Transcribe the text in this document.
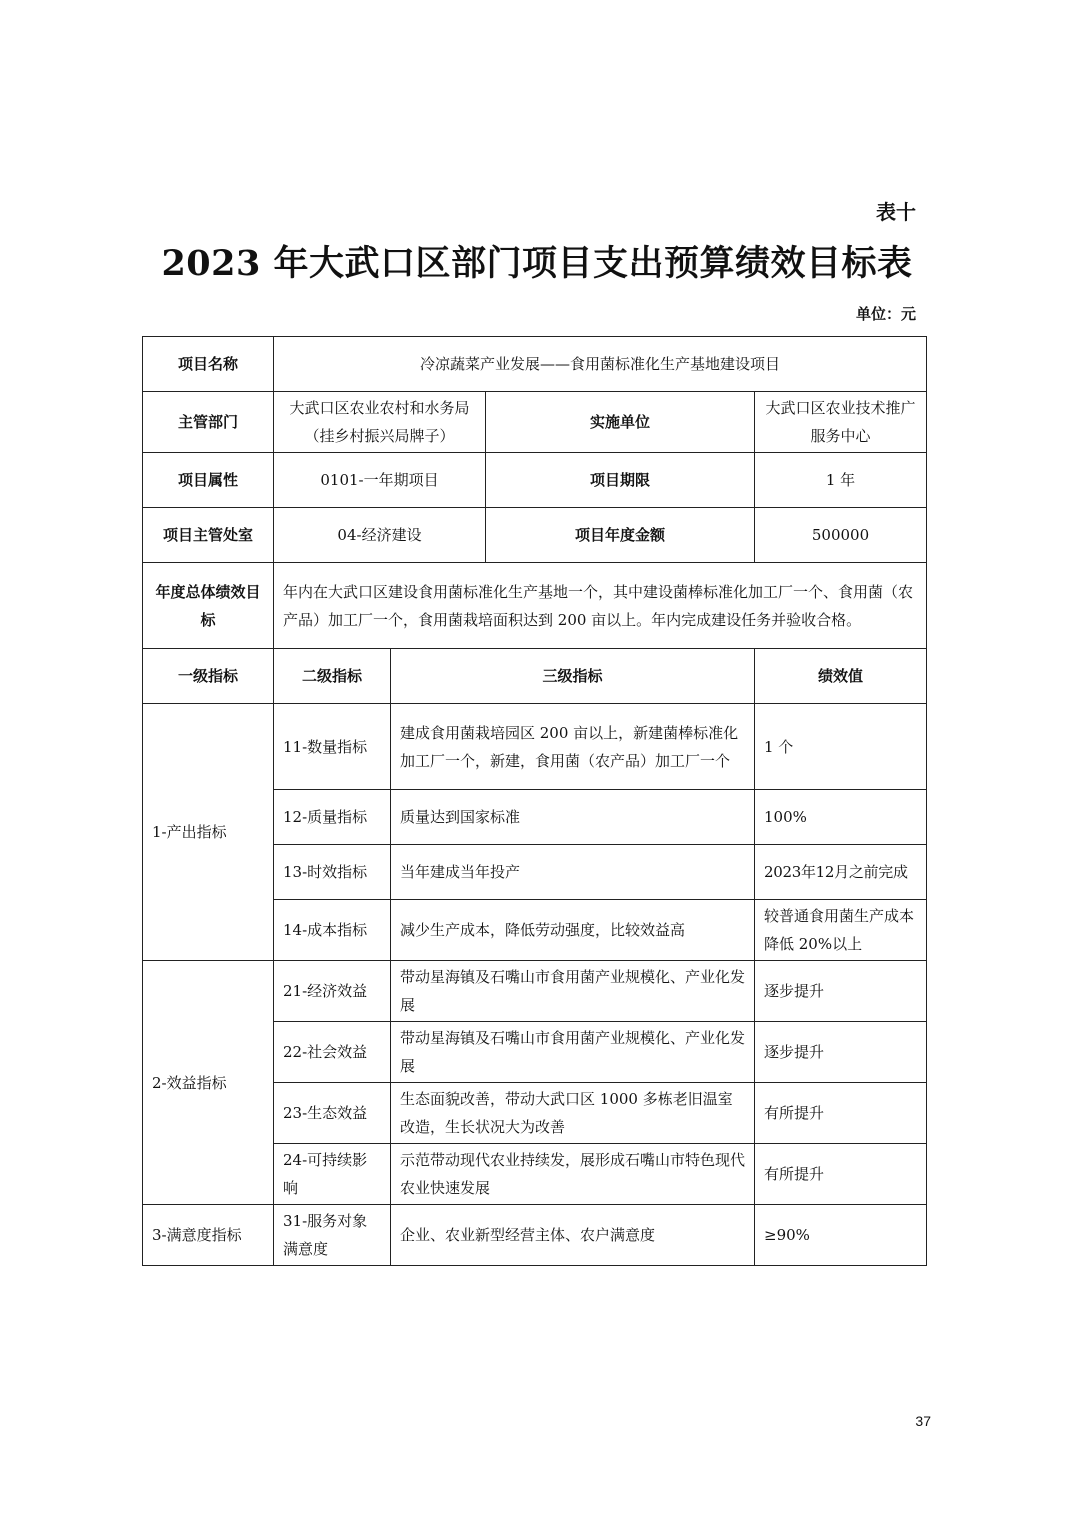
表十
2023 年大武口区部门项目支出预算绩效目标表
单位：元
项目名称	冷凉蔬菜产业发展——食用菌标准化生产基地建设项目			
主管部门	大武口区农业农村和水务局（挂乡村振兴局牌子）		实施单位	大武口区农业技术推广服务中心
项目属性	0101-一年期项目		项目期限	1 年
项目主管处室	04-经济建设		项目年度金额	500000
年度总体绩效目标	年内在大武口区建设食用菌标准化生产基地一个，其中建设菌棒标准化加工厂一个、食用菌（农产品）加工厂一个，食用菌栽培面积达到 200 亩以上。年内完成建设任务并验收合格。			
一级指标	二级指标	三级指标		绩效值
1-产出指标	11-数量指标	建成食用菌栽培园区 200 亩以上，新建菌棒标准化加工厂一个，新建，食用菌（农产品）加工厂一个		1 个
	12-质量指标	质量达到国家标准		100%
	13-时效指标	当年建成当年投产		2023年12月之前完成
	14-成本指标	减少生产成本，降低劳动强度，比较效益高		较普通食用菌生产成本降低 20%以上
2-效益指标	21-经济效益	带动星海镇及石嘴山市食用菌产业规模化、产业化发展		逐步提升
	22-社会效益	带动星海镇及石嘴山市食用菌产业规模化、产业化发展		逐步提升
	23-生态效益	生态面貌改善，带动大武口区 1000 多栋老旧温室改造，生长状况大为改善		有所提升
	24-可持续影响	示范带动现代农业持续发，展形成石嘴山市特色现代农业快速发展		有所提升
3-满意度指标	31-服务对象满意度	企业、农业新型经营主体、农户满意度		≥90%
37
